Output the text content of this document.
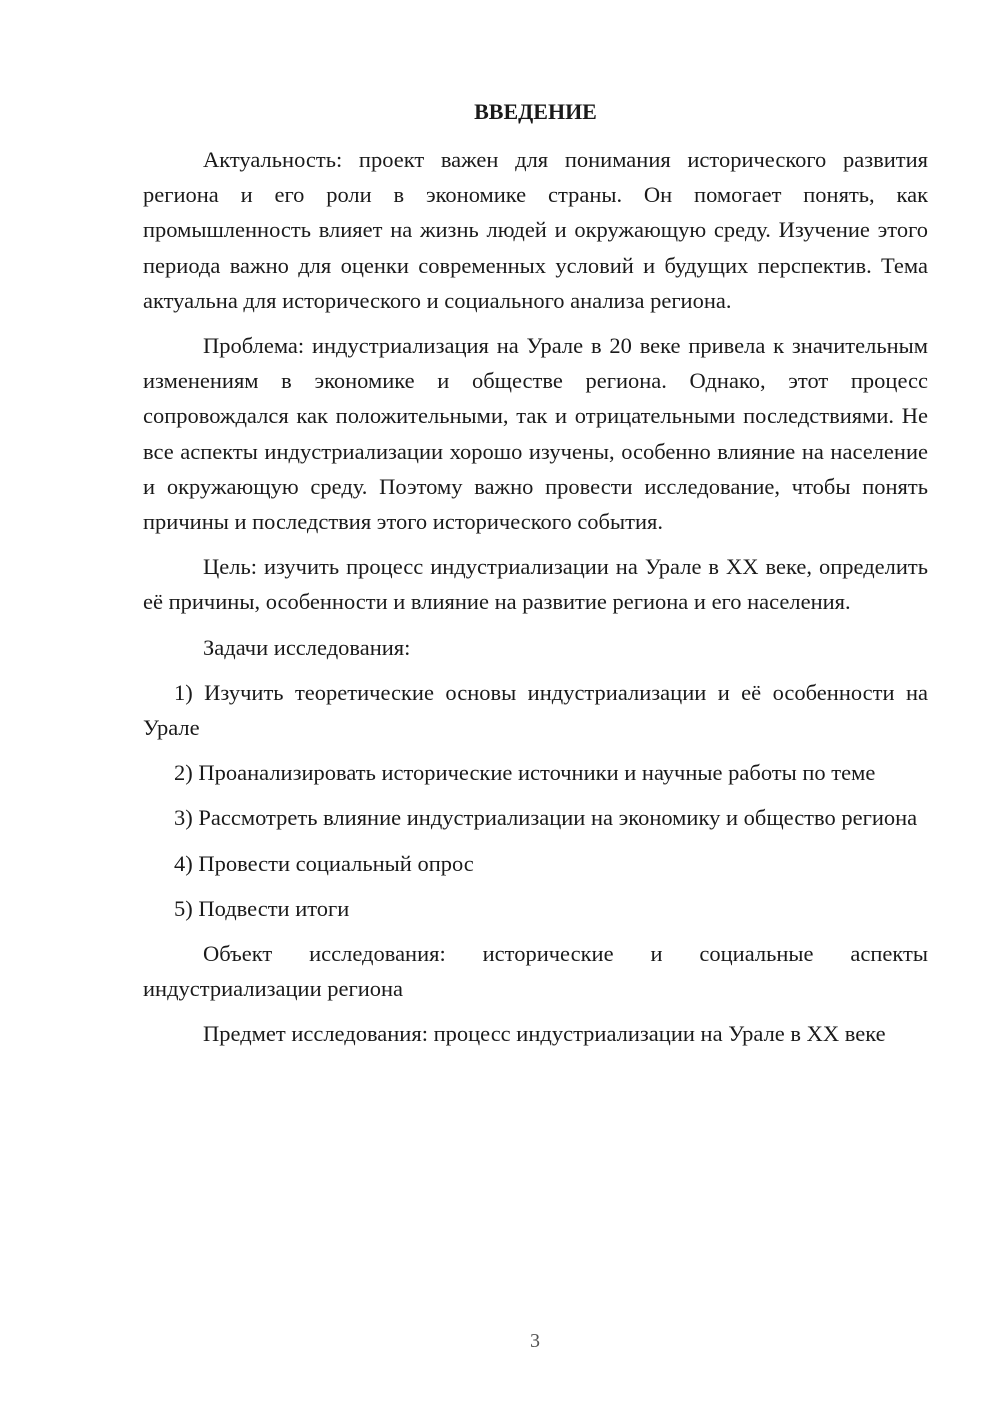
ВВЕДЕНИЕ

Актуальность: проект важен для понимания исторического развития региона и его роли в экономике страны. Он помогает понять, как промышленность влияет на жизнь людей и окружающую среду. Изучение этого периода важно для оценки современных условий и будущих перспектив. Тема актуальна для исторического и социального анализа региона.

Проблема: индустриализация на Урале в 20 веке привела к значительным изменениям в экономике и обществе региона. Однако, этот процесс сопровождался как положительными, так и отрицательными последствиями. Не все аспекты индустриализации хорошо изучены, особенно влияние на население и окружающую среду. Поэтому важно провести исследование, чтобы понять причины и последствия этого исторического события.

Цель: изучить процесс индустриализации на Урале в XX веке, определить её причины, особенности и влияние на развитие региона и его населения.

Задачи исследования:

1) Изучить теоретические основы индустриализации и её особенности на Урале

2) Проанализировать исторические источники и научные работы по теме

3) Рассмотреть влияние индустриализации на экономику и общество региона

4) Провести социальный опрос

5) Подвести итоги

Объект исследования: исторические и социальные аспекты индустриализации региона

Предмет исследования: процесс индустриализации на Урале в XX веке

3
